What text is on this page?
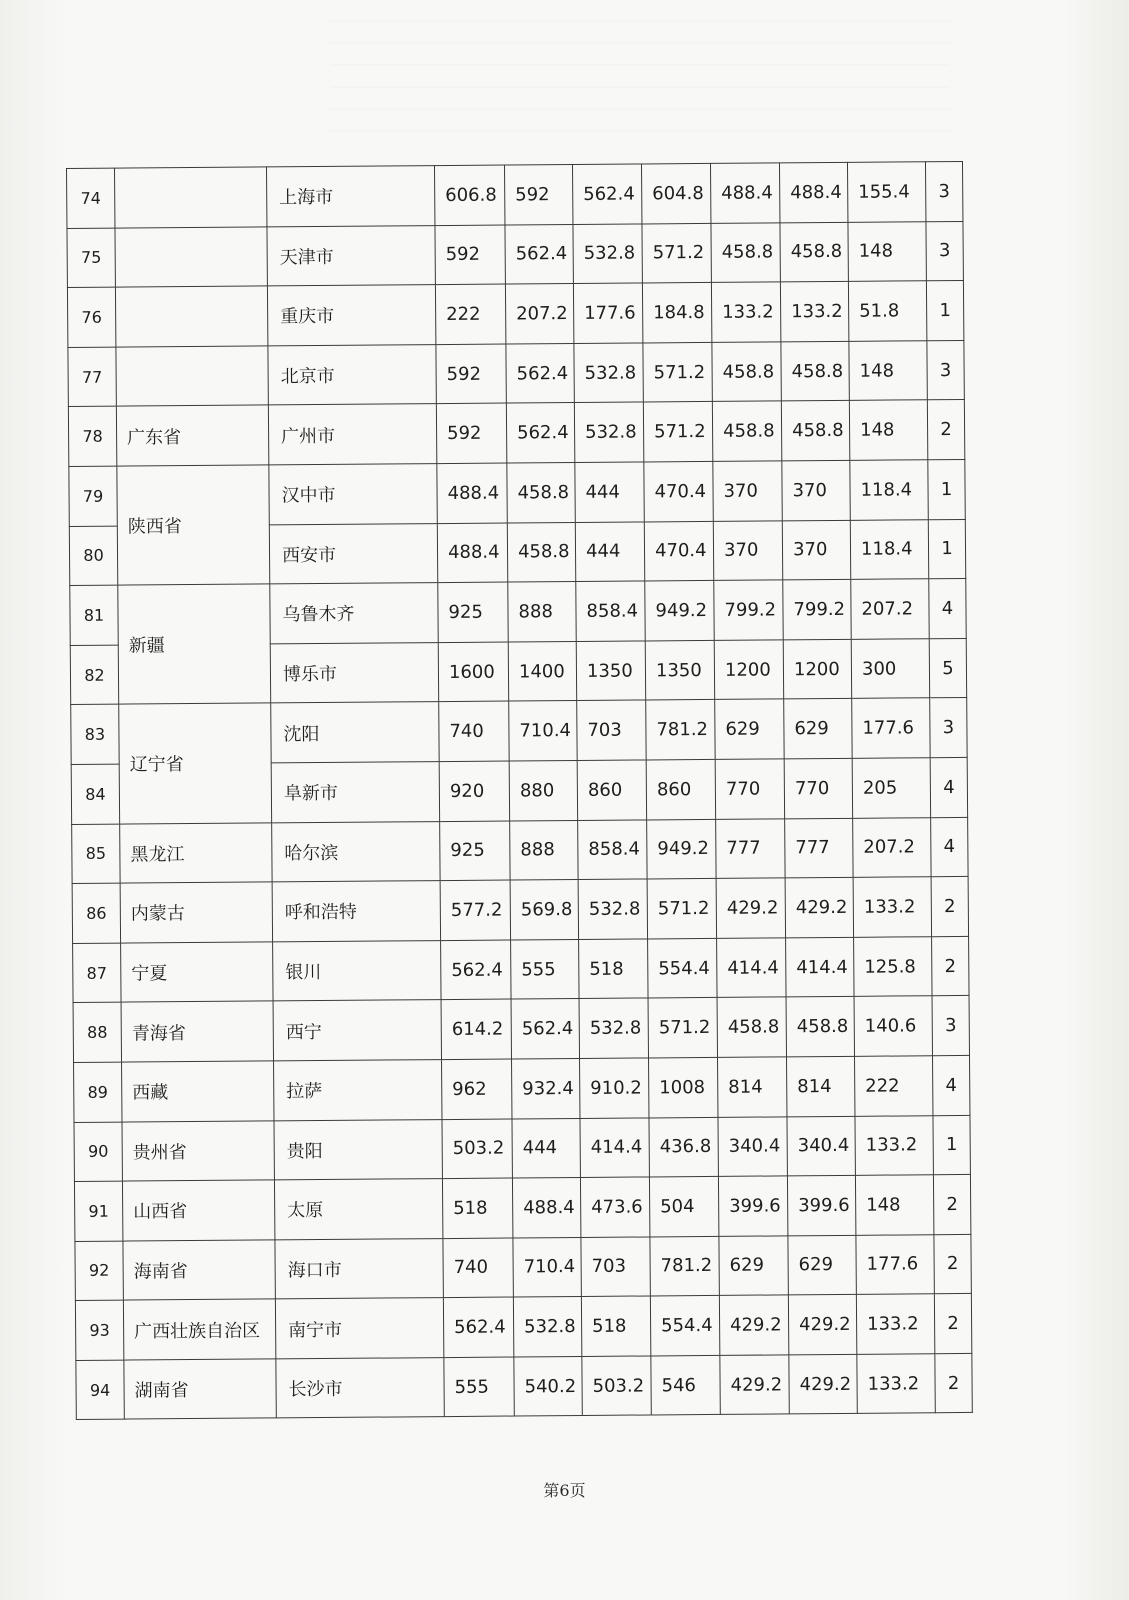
74		上海市	606.8	592	562.4	604.8	488.4	488.4	155.4	3
75		天津市	592	562.4	532.8	571.2	458.8	458.8	148	3
76		重庆市	222	207.2	177.6	184.8	133.2	133.2	51.8	1
77		北京市	592	562.4	532.8	571.2	458.8	458.8	148	3
78	广东省	广州市	592	562.4	532.8	571.2	458.8	458.8	148	2
79	陕西省	汉中市	488.4	458.8	444	470.4	370	370	118.4	1
80		西安市	488.4	458.8	444	470.4	370	370	118.4	1
81	新疆	乌鲁木齐	925	888	858.4	949.2	799.2	799.2	207.2	4
82		博乐市	1600	1400	1350	1350	1200	1200	300	5
83	辽宁省	沈阳	740	710.4	703	781.2	629	629	177.6	3
84		阜新市	920	880	860	860	770	770	205	4
85	黑龙江	哈尔滨	925	888	858.4	949.2	777	777	207.2	4
86	内蒙古	呼和浩特	577.2	569.8	532.8	571.2	429.2	429.2	133.2	2
87	宁夏	银川	562.4	555	518	554.4	414.4	414.4	125.8	2
88	青海省	西宁	614.2	562.4	532.8	571.2	458.8	458.8	140.6	3
89	西藏	拉萨	962	932.4	910.2	1008	814	814	222	4
90	贵州省	贵阳	503.2	444	414.4	436.8	340.4	340.4	133.2	1
91	山西省	太原	518	488.4	473.6	504	399.6	399.6	148	2
92	海南省	海口市	740	710.4	703	781.2	629	629	177.6	2
93	广西壮族自治区	南宁市	562.4	532.8	518	554.4	429.2	429.2	133.2	2
94	湖南省	长沙市	555	540.2	503.2	546	429.2	429.2	133.2	2
第6页
